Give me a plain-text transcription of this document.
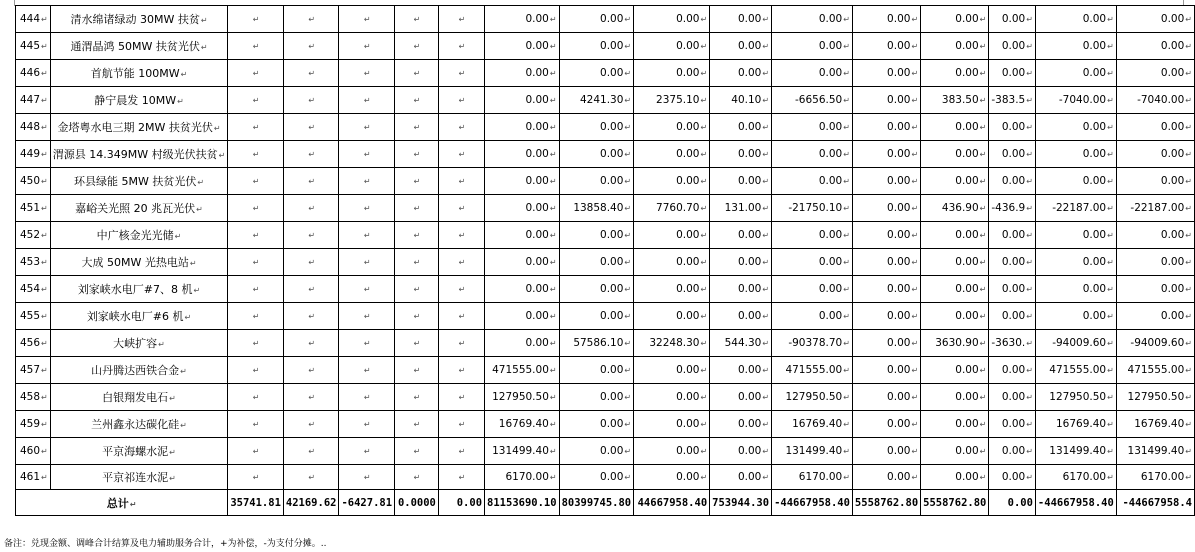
444↵	清水绵诸绿动 30MW 扶贫↵	↵	↵	↵	↵	↵	0.00↵	0.00↵	0.00↵	0.00↵	0.00↵	0.00↵	0.00↵	0.00↵	0.00↵	0.00↵
445↵	通渭晶鸿 50MW 扶贫光伏↵	↵	↵	↵	↵	↵	0.00↵	0.00↵	0.00↵	0.00↵	0.00↵	0.00↵	0.00↵	0.00↵	0.00↵	0.00↵
446↵	首航节能 100MW↵	↵	↵	↵	↵	↵	0.00↵	0.00↵	0.00↵	0.00↵	0.00↵	0.00↵	0.00↵	0.00↵	0.00↵	0.00↵
447↵	静宁晨发 10MW↵	↵	↵	↵	↵	↵	0.00↵	4241.30↵	2375.10↵	40.10↵	-6656.50↵	0.00↵	383.50↵	-383.5↵	-7040.00↵	-7040.00↵
448↵	金塔粤水电三期 2MW 扶贫光伏↵	↵	↵	↵	↵	↵	0.00↵	0.00↵	0.00↵	0.00↵	0.00↵	0.00↵	0.00↵	0.00↵	0.00↵	0.00↵
449↵	渭源县 14.349MW 村级光伏扶贫↵	↵	↵	↵	↵	↵	0.00↵	0.00↵	0.00↵	0.00↵	0.00↵	0.00↵	0.00↵	0.00↵	0.00↵	0.00↵
450↵	环县绿能 5MW 扶贫光伏↵	↵	↵	↵	↵	↵	0.00↵	0.00↵	0.00↵	0.00↵	0.00↵	0.00↵	0.00↵	0.00↵	0.00↵	0.00↵
451↵	嘉峪关光照 20 兆瓦光伏↵	↵	↵	↵	↵	↵	0.00↵	13858.40↵	7760.70↵	131.00↵	-21750.10↵	0.00↵	436.90↵	-436.9↵	-22187.00↵	-22187.00↵
452↵	中广核金光光储↵	↵	↵	↵	↵	↵	0.00↵	0.00↵	0.00↵	0.00↵	0.00↵	0.00↵	0.00↵	0.00↵	0.00↵	0.00↵
453↵	大成 50MW 光热电站↵	↵	↵	↵	↵	↵	0.00↵	0.00↵	0.00↵	0.00↵	0.00↵	0.00↵	0.00↵	0.00↵	0.00↵	0.00↵
454↵	刘家峡水电厂#7、8 机↵	↵	↵	↵	↵	↵	0.00↵	0.00↵	0.00↵	0.00↵	0.00↵	0.00↵	0.00↵	0.00↵	0.00↵	0.00↵
455↵	刘家峡水电厂#6 机↵	↵	↵	↵	↵	↵	0.00↵	0.00↵	0.00↵	0.00↵	0.00↵	0.00↵	0.00↵	0.00↵	0.00↵	0.00↵
456↵	大峡扩容↵	↵	↵	↵	↵	↵	0.00↵	57586.10↵	32248.30↵	544.30↵	-90378.70↵	0.00↵	3630.90↵	-3630.↵	-94009.60↵	-94009.60↵
457↵	山丹腾达西铁合金↵	↵	↵	↵	↵	↵	471555.00↵	0.00↵	0.00↵	0.00↵	471555.00↵	0.00↵	0.00↵	0.00↵	471555.00↵	471555.00↵
458↵	白银翔发电石↵	↵	↵	↵	↵	↵	127950.50↵	0.00↵	0.00↵	0.00↵	127950.50↵	0.00↵	0.00↵	0.00↵	127950.50↵	127950.50↵
459↵	兰州鑫永达碳化硅↵	↵	↵	↵	↵	↵	16769.40↵	0.00↵	0.00↵	0.00↵	16769.40↵	0.00↵	0.00↵	0.00↵	16769.40↵	16769.40↵
460↵	平京海螺水泥↵	↵	↵	↵	↵	↵	131499.40↵	0.00↵	0.00↵	0.00↵	131499.40↵	0.00↵	0.00↵	0.00↵	131499.40↵	131499.40↵
461↵	平京祁连水泥↵	↵	↵	↵	↵	↵	6170.00↵	0.00↵	0.00↵	0.00↵	6170.00↵	0.00↵	0.00↵	0.00↵	6170.00↵	6170.00↵
总计↵		35741.81	42169.62	-6427.81	0.0000	0.00	81153690.10	80399745.80	44667958.40	753944.30	-44667958.40	5558762.80	5558762.80	0.00	-44667958.40	-44667958.4
备注：兑现金额、调峰合计结算及电力辅助服务合计，+为补偿，-为支付分摊。..
